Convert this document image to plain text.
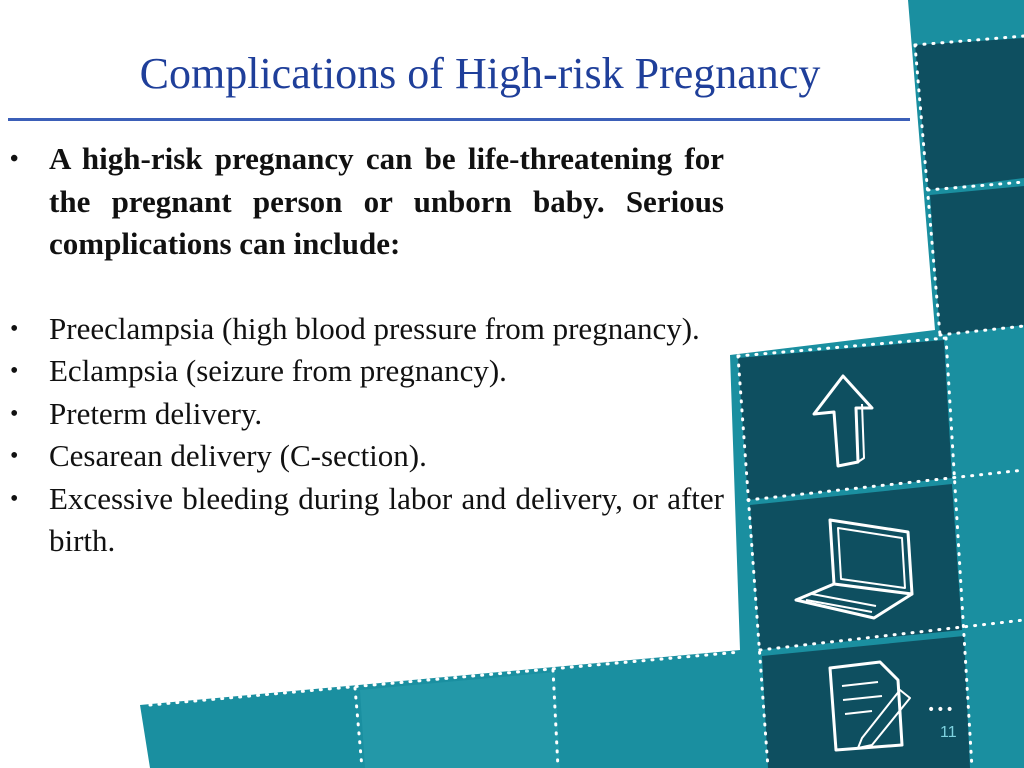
Complications of High-risk Pregnancy
• A high-risk pregnancy can be life-threatening for the pregnant person or unborn baby. Serious complications can include:
• Preeclampsia (high blood pressure from pregnancy).
• Eclampsia (seizure from pregnancy).
• Preterm delivery.
• Cesarean delivery (C-section).
• Excessive bleeding during labor and delivery, or after birth.
•••
11
